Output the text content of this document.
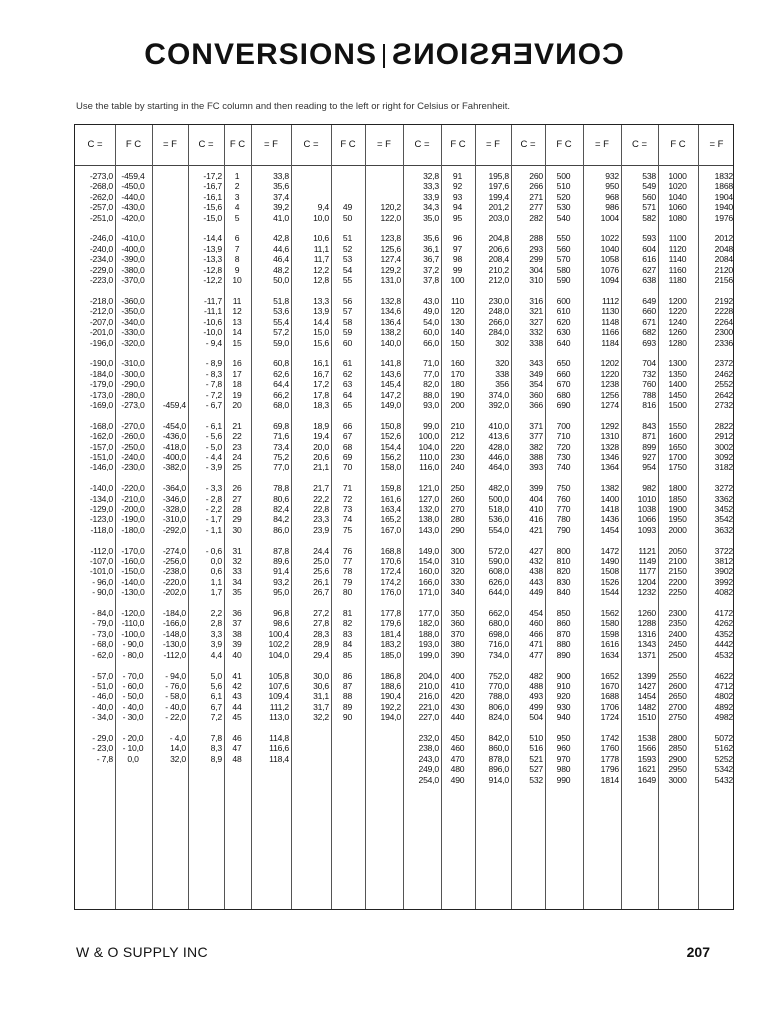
CONVERSIONS CONVERSIONS
Use the table by starting in the FC column and then reading to the left or right for Celsius or Fahrenheit.
C =
-273,0
-268,0
-262,0
-257,0
-251,0

-246,0
-240,0
-234,0
-229,0
-223,0

-218,0
-212,0
-207,0
-201,0
-196,0

-190,0
-184,0
-179,0
-173,0
-169,0

-168,0
-162,0
-157,0
-151,0
-146,0

-140,0
-134,0
-129,0
-123,0
-118,0

-112,0
-107,0
-101,0
- 96,0
- 90,0

- 84,0
- 79,0
- 73,0
- 68,0
- 62,0

- 57,0
- 51,0
- 46,0
- 40,0
- 34,0

- 29,0
- 23,0
- 7,8
F C
-459,4
-450,0
-440,0
-430,0
-420,0

-410,0
-400,0
-390,0
-380,0
-370,0

-360,0
-350,0
-340,0
-330,0
-320,0

-310,0
-300,0
-290,0
-280,0
-273,0

-270,0
-260,0
-250,0
-240,0
-230,0

-220,0
-210,0
-200,0
-190,0
-180,0

-170,0
-160,0
-150,0
-140,0
-130,0

-120,0
-110,0
-100,0
- 90,0
- 80,0

- 70,0
- 60,0
- 50,0
- 40,0
- 30,0

- 20,0
- 10,0
0,0
= F

-459,4

-454,0
-436,0
-418,0
-400,0
-382,0

-364,0
-346,0
-328,0
-310,0
-292,0

-274,0
-256,0
-238,0
-220,0
-202,0

-184,0
-166,0
-148,0
-130,0
-112,0

- 94,0
- 76,0
- 58,0
- 40,0
- 22,0

- 4,0
14,0
32,0
C =
-17,2
-16,7
-16,1
-15,6
-15,0

-14,4
-13,9
-13,3
-12,8
-12,2

-11,7
-11,1
-10,6
-10,0
- 9,4

- 8,9
- 8,3
- 7,8
- 7,2
- 6,7

- 6,1
- 5,6
- 5,0
- 4,4
- 3,9

- 3,3
- 2,8
- 2,2
- 1,7
- 1,1

- 0,6
0,0
0,6
1,1
1,7

2,2
2,8
3,3
3,9
4,4

5,0
5,6
6,1
6,7
7,2

7,8
8,3
8,9
F C
1
2
3
4
5

6
7
8
9
10

11
12
13
14
15

16
17
18
19
20

21
22
23
24
25

26
27
28
29
30

31
32
33
34
35

36
37
38
39
40

41
42
43
44
45

46
47
48
= F
33,8
35,6
37,4
39,2
41,0

42,8
44,6
46,4
48,2
50,0

51,8
53,6
55,4
57,2
59,0

60,8
62,6
64,4
66,2
68,0

69,8
71,6
73,4
75,2
77,0

78,8
80,6
82,4
84,2
86,0

87,8
89,6
91,4
93,2
95,0

96,8
98,6
100,4
102,2
104,0

105,8
107,6
109,4
111,2
113,0

114,8
116,6
118,4
C =

9,4
10,0

10,6
11,1
11,7
12,2
12,8

13,3
13,9
14,4
15,0
15,6

16,1
16,7
17,2
17,8
18,3

18,9
19,4
20,0
20,6
21,1

21,7
22,2
22,8
23,3
23,9

24,4
25,0
25,6
26,1
26,7

27,2
27,8
28,3
28,9
29,4

30,0
30,6
31,1
31,7
32,2
F C

49
50

51
52
53
54
55

56
57
58
59
60

61
62
63
64
65

66
67
68
69
70

71
72
73
74
75

76
77
78
79
80

81
82
83
84
85

86
87
88
89
90
= F

120,2
122,0

123,8
125,6
127,4
129,2
131,0

132,8
134,6
136,4
138,2
140,0

141,8
143,6
145,4
147,2
149,0

150,8
152,6
154,4
156,2
158,0

159,8
161,6
163,4
165,2
167,0

168,8
170,6
172,4
174,2
176,0

177,8
179,6
181,4
183,2
185,0

186,8
188,6
190,4
192,2
194,0
C =
32,8
33,3
33,9
34,3
35,0

35,6
36,1
36,7
37,2
37,8

43,0
49,0
54,0
60,0
66,0

71,0
77,0
82,0
88,0
93,0

99,0
100,0
104,0
110,0
116,0

121,0
127,0
132,0
138,0
143,0

149,0
154,0
160,0
166,0
171,0

177,0
182,0
188,0
193,0
199,0

204,0
210,0
216,0
221,0
227,0

232,0
238,0
243,0
249,0
254,0
F C
91
92
93
94
95

96
97
98
99
100

110
120
130
140
150

160
170
180
190
200

210
212
220
230
240

250
260
270
280
290

300
310
320
330
340

350
360
370
380
390

400
410
420
430
440

450
460
470
480
490
= F
195,8
197,6
199,4
201,2
203,0

204,8
206,6
208,4
210,2
212,0

230,0
248,0
266,0
284,0
302

320
338
356
374,0
392,0

410,0
413,6
428,0
446,0
464,0

482,0
500,0
518,0
536,0
554,0

572,0
590,0
608,0
626,0
644,0

662,0
680,0
698,0
716,0
734,0

752,0
770,0
788,0
806,0
824,0

842,0
860,0
878,0
896,0
914,0
C =
260
266
271
277
282

288
293
299
304
310

316
321
327
332
338

343
349
354
360
366

371
377
382
388
393

399
404
410
416
421

427
432
438
443
449

454
460
466
471
477

482
488
493
499
504

510
516
521
527
532
F C
500
510
520
530
540

550
560
570
580
590

600
610
620
630
640

650
660
670
680
690

700
710
720
730
740

750
760
770
780
790

800
810
820
830
840

850
860
870
880
890

900
910
920
930
940

950
960
970
980
990
= F
932
950
968
986
1004

1022
1040
1058
1076
1094

1112
1130
1148
1166
1184

1202
1220
1238
1256
1274

1292
1310
1328
1346
1364

1382
1400
1418
1436
1454

1472
1490
1508
1526
1544

1562
1580
1598
1616
1634

1652
1670
1688
1706
1724

1742
1760
1778
1796
1814
C =
538
549
560
571
582

593
604
616
627
638

649
660
671
682
693

704
732
760
788
816

843
871
899
927
954

982
1010
1038
1066
1093

1121
1149
1177
1204
1232

1260
1288
1316
1343
1371

1399
1427
1454
1482
1510

1538
1566
1593
1621
1649
F C
1000
1020
1040
1060
1080

1100
1120
1140
1160
1180

1200
1220
1240
1260
1280

1300
1350
1400
1450
1500

1550
1600
1650
1700
1750

1800
1850
1900
1950
2000

2050
2100
2150
2200
2250

2300
2350
2400
2450
2500

2550
2600
2650
2700
2750

2800
2850
2900
2950
3000
= F
1832
1868
1904
1940
1976

2012
2048
2084
2120
2156

2192
2228
2264
2300
2336

2372
2462
2552
2642
2732

2822
2912
3002
3092
3182

3272
3362
3452
3542
3632

3722
3812
3902
3992
4082

4172
4262
4352
4442
4532

4622
4712
4802
4892
4982

5072
5162
5252
5342
5432
W & O SUPPLY INC	207
